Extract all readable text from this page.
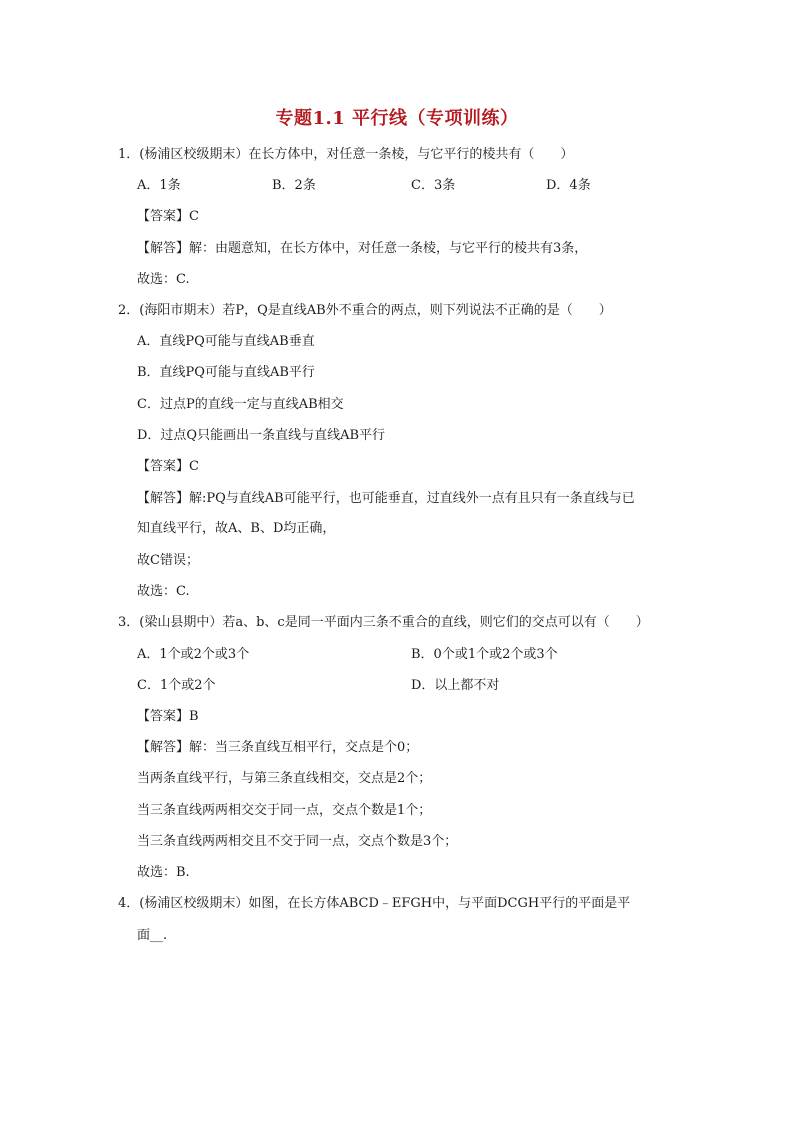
专题1.1 平行线（专项训练）
1．(杨浦区校级期末）在长方体中，对任意一条棱，与它平行的棱共有（　　）
A．1条	B．2条	C．3条	D．4条
【答案】C
【解答】解：由题意知，在长方体中，对任意一条棱，与它平行的棱共有3条，
故选：C.
2．(海阳市期末）若P，Q是直线AB外不重合的两点，则下列说法不正确的是（　　）
A．直线PQ可能与直线AB垂直
B．直线PQ可能与直线AB平行
C．过点P的直线一定与直线AB相交
D．过点Q只能画出一条直线与直线AB平行
【答案】C
【解答】解:PQ与直线AB可能平行，也可能垂直，过直线外一点有且只有一条直线与已
知直线平行，故A、B、D均正确，
故C错误；
故选：C.
3．(梁山县期中）若a、b、c是同一平面内三条不重合的直线，则它们的交点可以有（　　）
A．1个或2个或3个	B．0个或1个或2个或3个
C．1个或2个	D．以上都不对
【答案】B
【解答】解：当三条直线互相平行，交点是个0；
当两条直线平行，与第三条直线相交，交点是2个；
当三条直线两两相交交于同一点，交点个数是1个；
当三条直线两两相交且不交于同一点，交点个数是3个；
故选：B.
4．(杨浦区校级期末）如图，在长方体ABCD﹣EFGH中，与平面DCGH平行的平面是平
面__.
